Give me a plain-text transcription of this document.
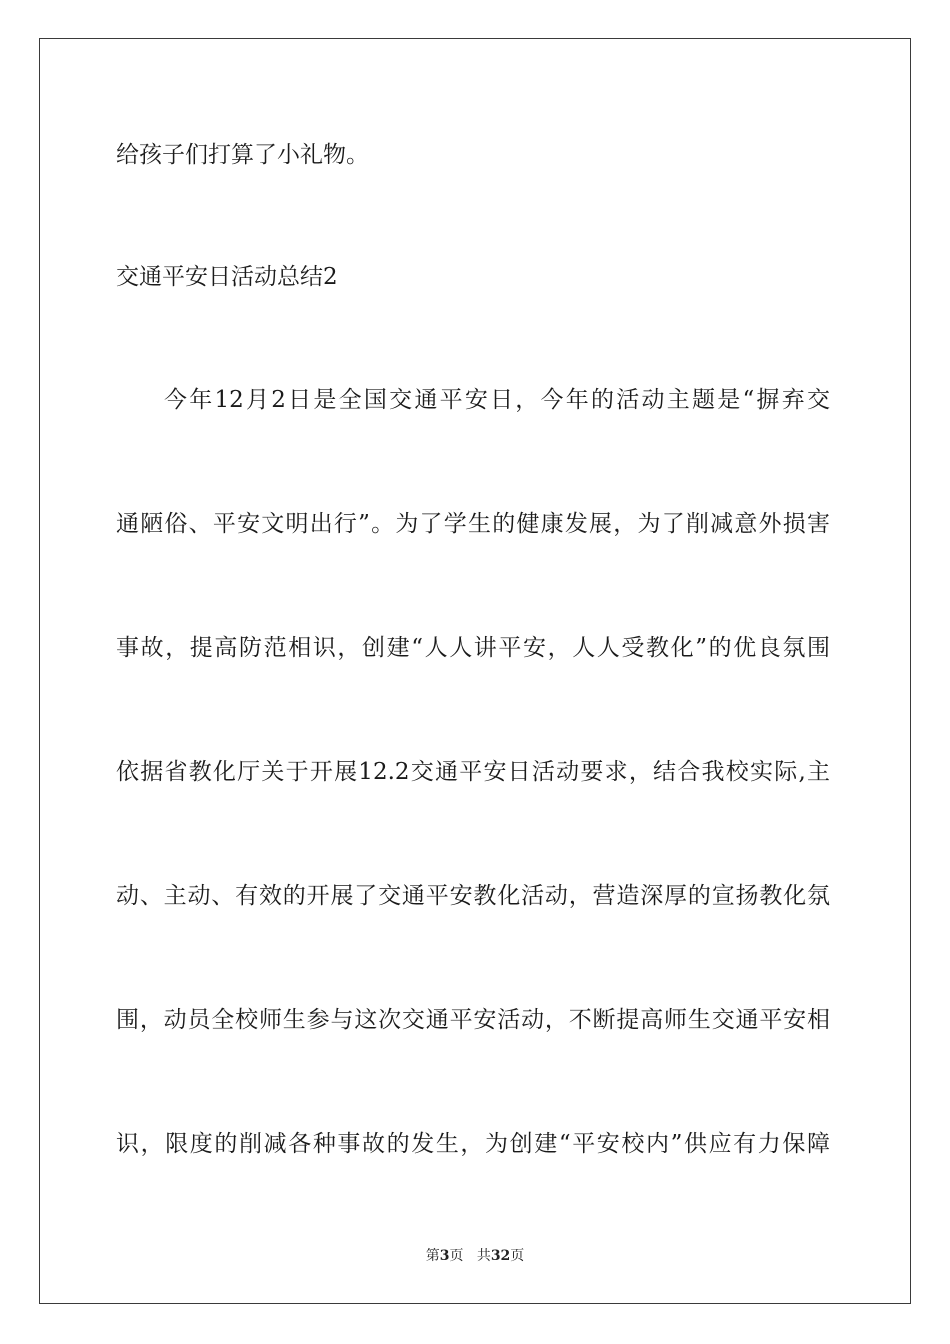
给孩子们打算了小礼物。
交通平安日活动总结2
今年12月2日是全国交通平安日，今年的活动主题是“摒弃交
通陋俗、平安文明出行”。为了学生的健康发展，为了削减意外损害
事故，提高防范相识，创建“人人讲平安，人人受教化”的优良氛围
依据省教化厅关于开展12.2交通平安日活动要求，结合我校实际,主
动、主动、有效的开展了交通平安教化活动，营造深厚的宣扬教化氛
围，动员全校师生参与这次交通平安活动，不断提高师生交通平安相
识，限度的削减各种事故的发生，为创建“平安校内”供应有力保障
第3页 共32页
